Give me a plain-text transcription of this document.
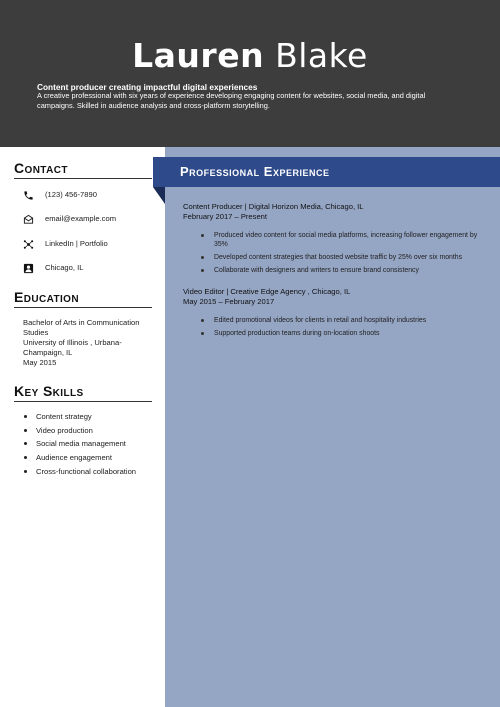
Lauren Blake
Content producer creating impactful digital experiences
A creative professional with six years of experience developing engaging content for websites, social media, and digital campaigns. Skilled in audience analysis and cross-platform storytelling.
Professional Experience
Content Producer | Digital Horizon Media, Chicago, IL
February 2017 – Present
Produced video content for social media platforms, increasing follower engagement by 35%
Developed content strategies that boosted website traffic by 25% over six months
Collaborate with designers and writers to ensure brand consistency
Video Editor | Creative Edge Agency , Chicago, IL
May 2015 – February 2017
Edited promotional videos for clients in retail and hospitality industries
Supported production teams during on-location shoots
Contact
(123) 456-7890
email@example.com
LinkedIn | Portfolio
Chicago, IL
Education
Bachelor of Arts in Communication Studies
University of Illinois , Urbana-Champaign, IL
May 2015
Key Skills
Content strategy
Video production
Social media management
Audience engagement
Cross-functional collaboration
